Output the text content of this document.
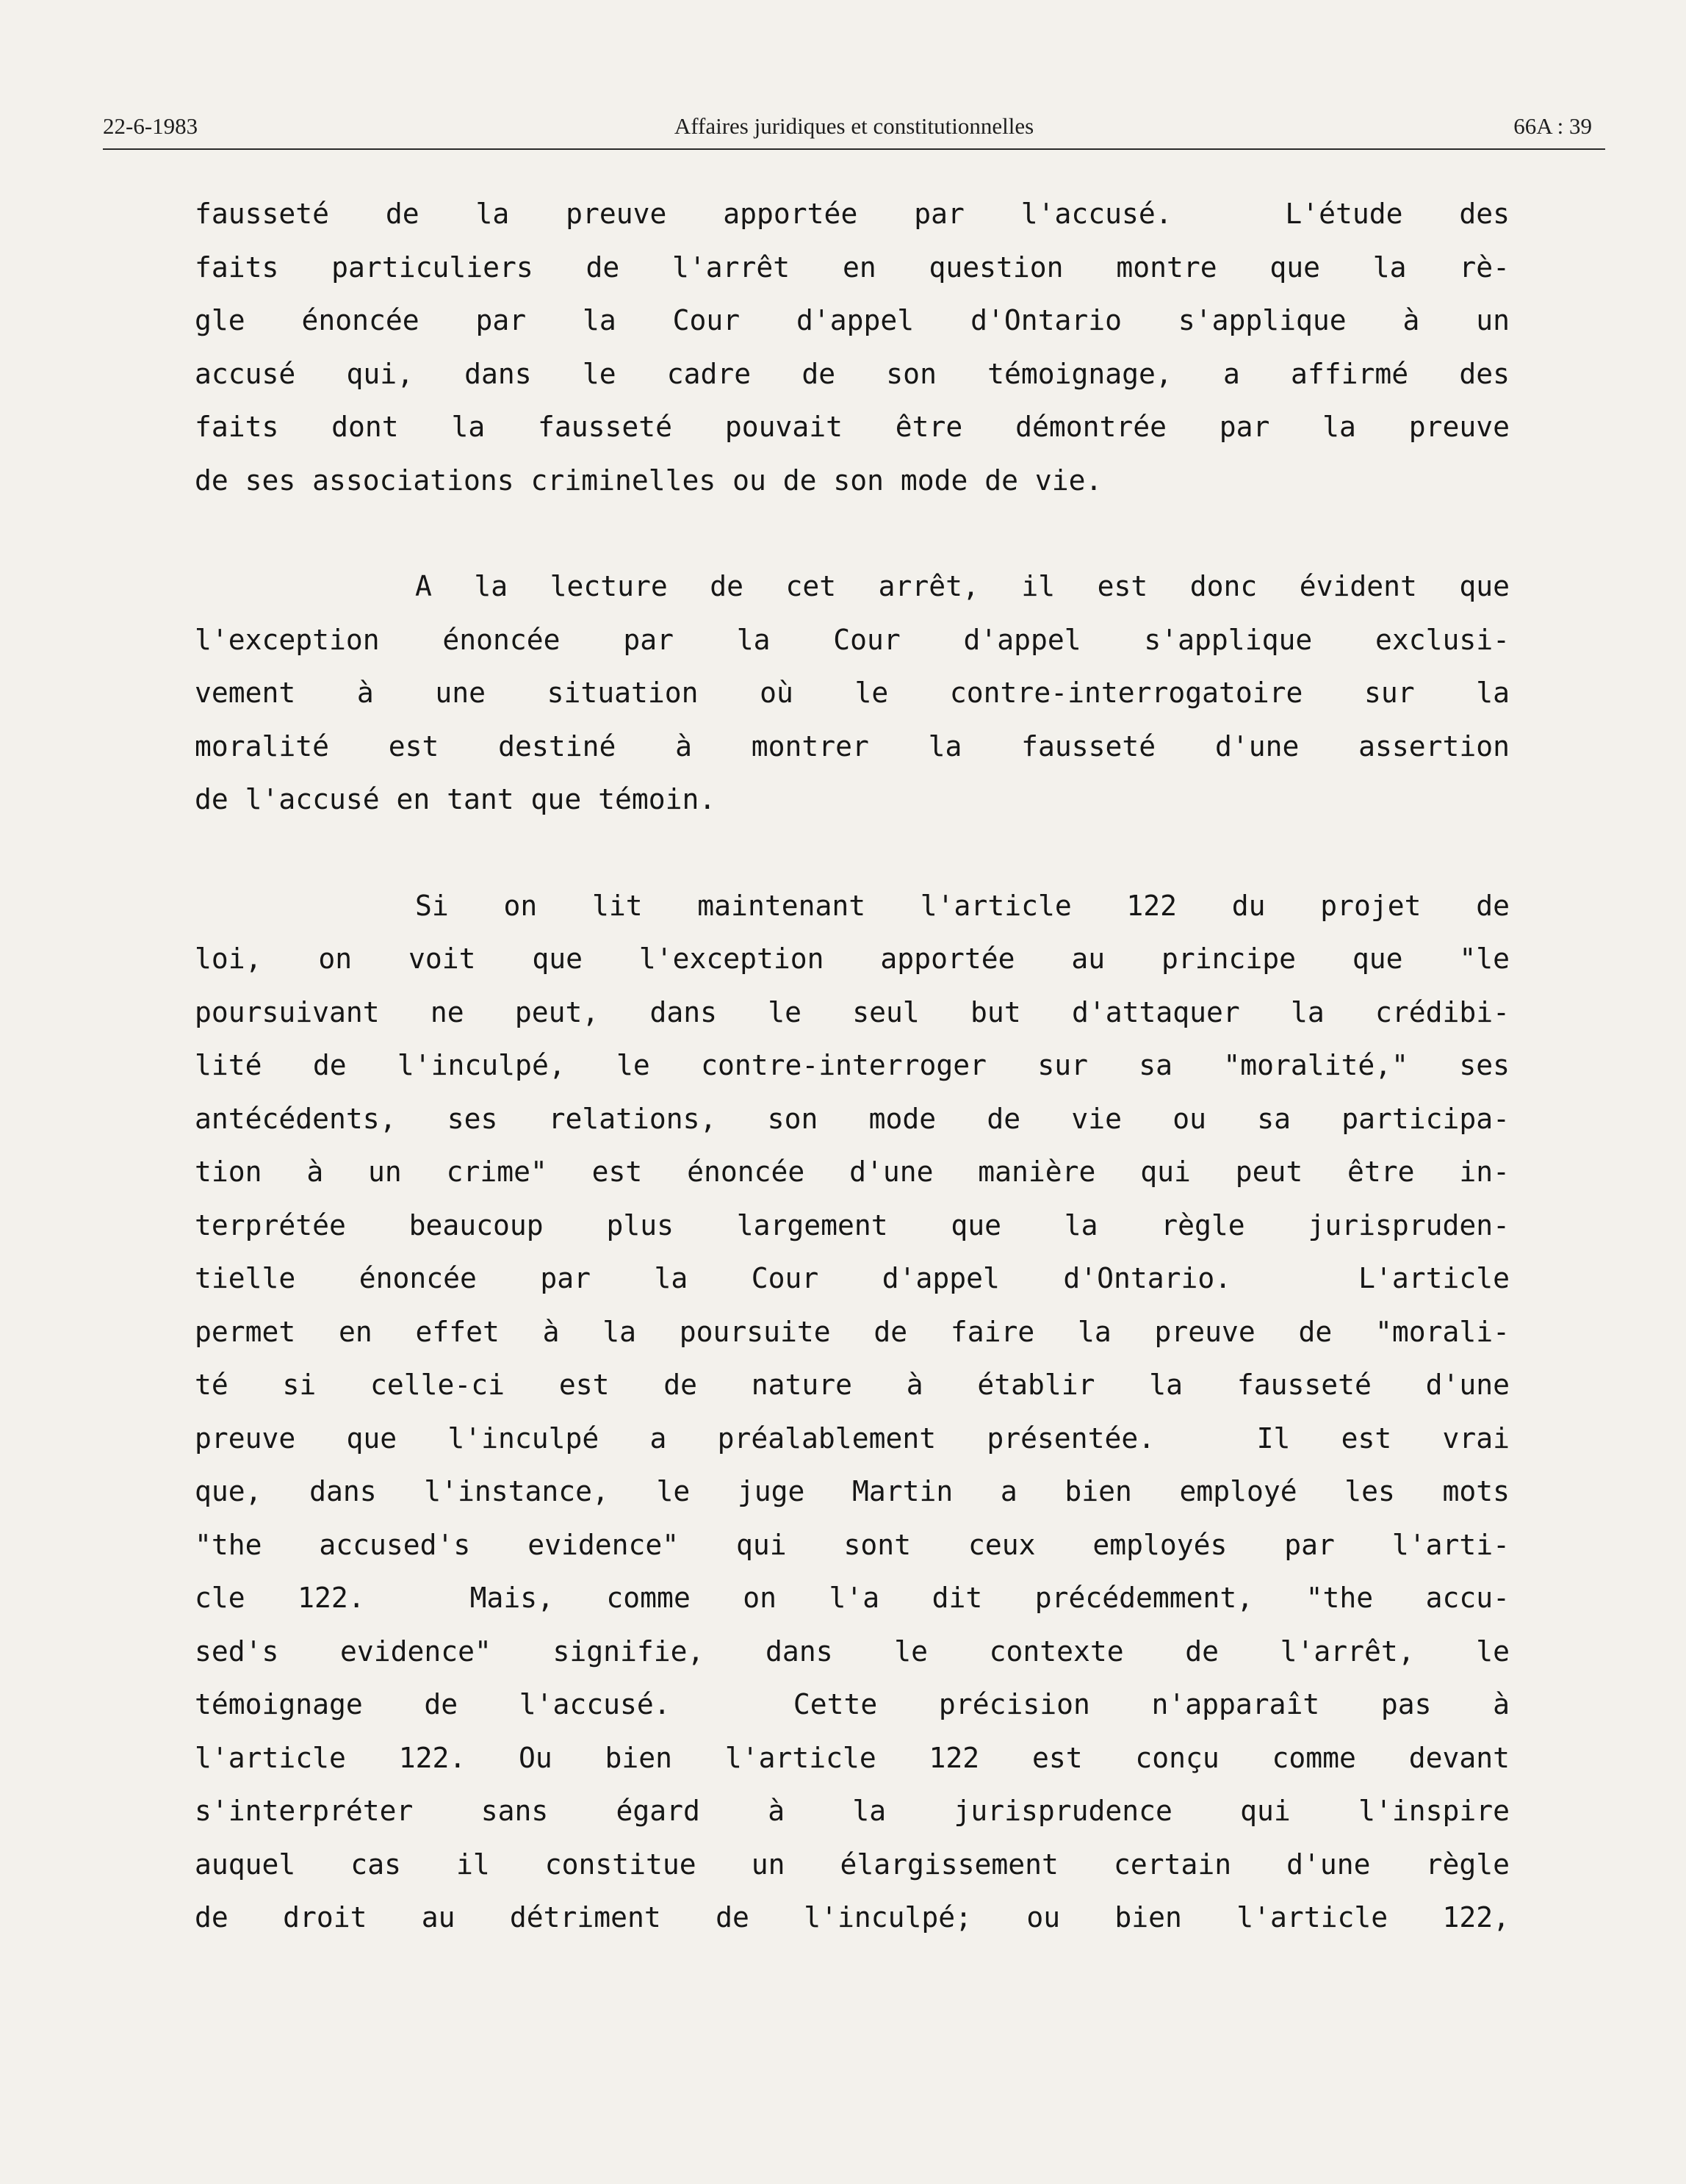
22-6-1983	Affaires juridiques et constitutionnelles	66A : 39
fausseté de la preuve apportée par l'accusé.  L'étude des
faits particuliers de l'arrêt en question montre que la rè-
gle énoncée par la Cour d'appel d'Ontario s'applique à un
accusé qui, dans le cadre de son témoignage, a affirmé des
faits dont la fausseté pouvait être démontrée par la preuve
de ses associations criminelles ou de son mode de vie.
A la lecture de cet arrêt, il est donc évident que
l'exception énoncée par la Cour d'appel s'applique exclusi-
vement à une situation où le contre-interrogatoire sur la
moralité est destiné à montrer la fausseté d'une assertion
de l'accusé en tant que témoin.
Si on lit maintenant l'article 122 du projet de
loi, on voit que l'exception apportée au principe que "le
poursuivant ne peut, dans le seul but d'attaquer la crédibi-
lité de l'inculpé, le contre-interroger sur sa "moralité," ses
antécédents, ses relations, son mode de vie ou sa participa-
tion à un crime" est énoncée d'une manière qui peut être in-
terprétée beaucoup plus largement que la règle jurispruden-
tielle énoncée par la Cour d'appel d'Ontario.  L'article
permet en effet à la poursuite de faire la preuve de "morali-
té si celle-ci est de nature à établir la fausseté d'une
preuve que l'inculpé a préalablement présentée.  Il est vrai
que, dans l'instance, le juge Martin a bien employé les mots
"the accused's evidence" qui sont ceux employés par l'arti-
cle 122.  Mais, comme on l'a dit précédemment, "the accu-
sed's evidence" signifie, dans le contexte de l'arrêt, le
témoignage de l'accusé.  Cette précision n'apparaît pas à
l'article 122. Ou bien l'article 122 est conçu comme devant
s'interpréter sans égard à la jurisprudence qui l'inspire
auquel cas il constitue un élargissement certain d'une règle
de droit au détriment de l'inculpé; ou bien l'article 122,
